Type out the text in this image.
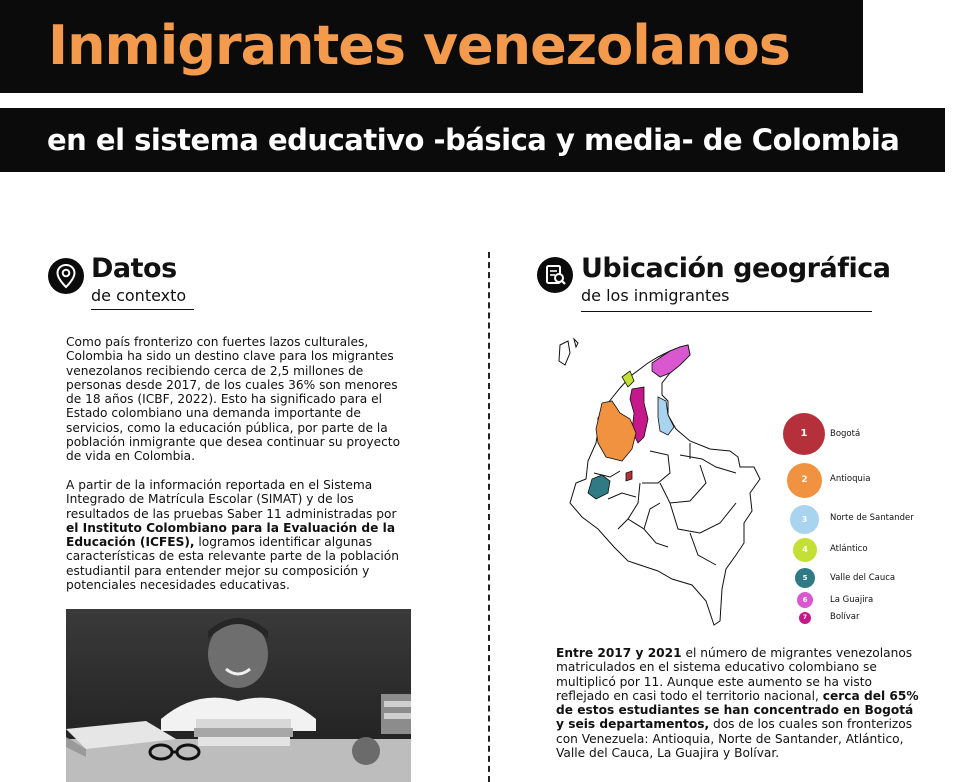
Inmigrantes venezolanos
en el sistema educativo -básica y media- de Colombia
Datos
de contexto

Como país fronterizo con fuertes lazos culturales, Colombia ha sido un destino clave para los migrantes venezolanos recibiendo cerca de 2,5 millones de personas desde 2017, de los cuales 36% son menores de 18 años (ICBF, 2022). Esto ha significado para el Estado colombiano una demanda importante de servicios, como la educación pública, por parte de la población inmigrante que desea continuar su proyecto de vida en Colombia.

A partir de la información reportada en el Sistema Integrado de Matrícula Escolar (SIMAT) y de los resultados de las pruebas Saber 11 administradas por el Instituto Colombiano para la Evaluación de la Educación (ICFES), logramos identificar algunas características de esta relevante parte de la población estudiantil para entender mejor su composición y potenciales necesidades educativas.

Ubicación geográfica
de los inmigrantes
1	Bogotá
2	Antioquia
3	Norte de Santander
4	Atlántico
5	Valle del Cauca
6	La Guajira
7	Bolívar

Entre 2017 y 2021 el número de migrantes venezolanos matriculados en el sistema educativo colombiano se multiplicó por 11. Aunque este aumento se ha visto reflejado en casi todo el territorio nacional, cerca del 65% de estos estudiantes se han concentrado en Bogotá y seis departamentos, dos de los cuales son fronterizos con Venezuela: Antioquia, Norte de Santander, Atlántico, Valle del Cauca, La Guajira y Bolívar.
